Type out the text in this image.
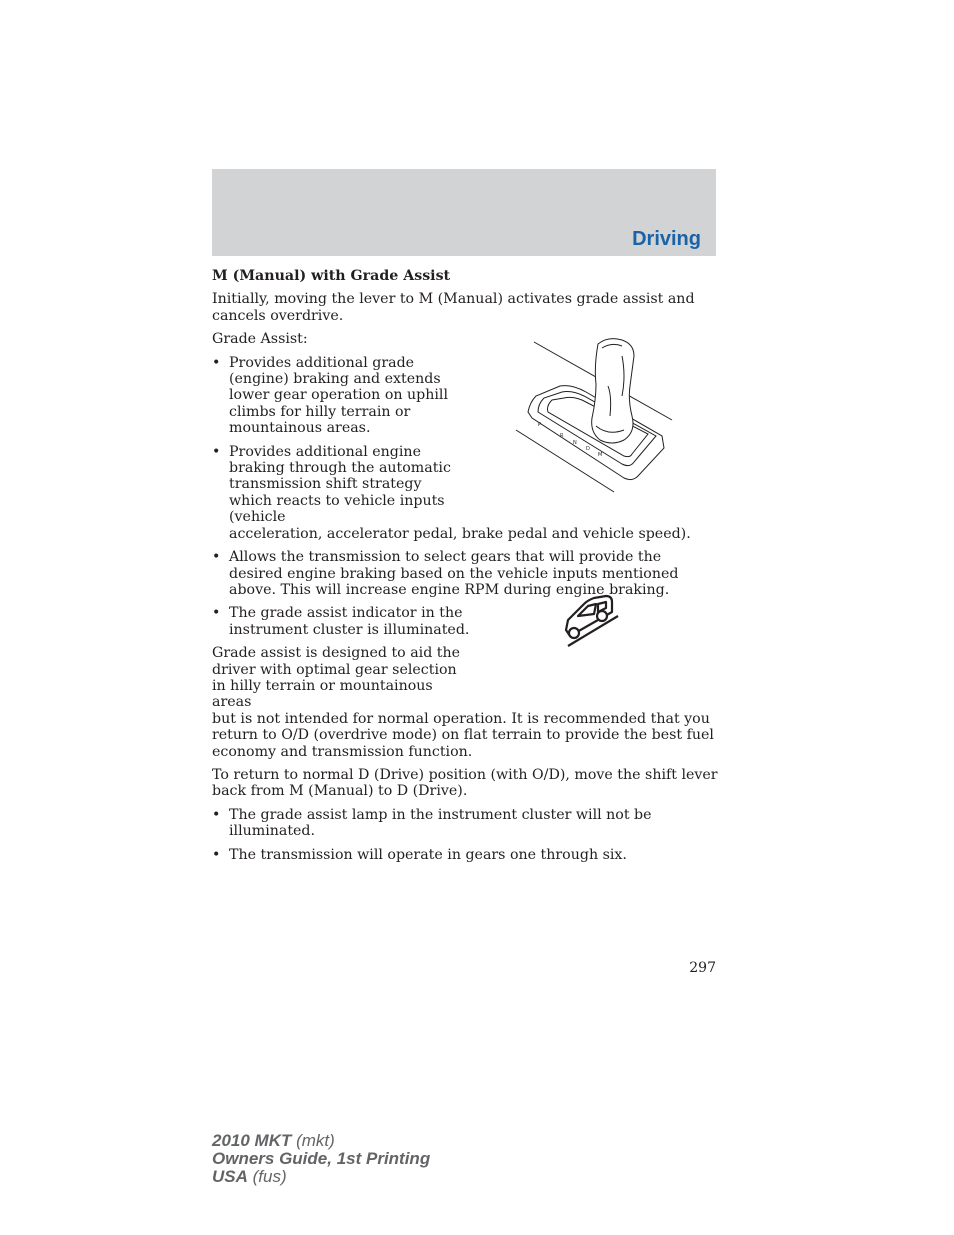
Driving

M (Manual) with Grade Assist

Initially, moving the lever to M (Manual) activates grade assist and cancels overdrive.

Grade Assist:

• Provides additional grade (engine) braking and extends lower gear operation on uphill climbs for hilly terrain or mountainous areas.
• Provides additional engine braking through the automatic transmission shift strategy which reacts to vehicle inputs (vehicle
acceleration, accelerator pedal, brake pedal and vehicle speed).
• Allows the transmission to select gears that will provide the desired engine braking based on the vehicle inputs mentioned above. This will increase engine RPM during engine braking.
• The grade assist indicator in the instrument cluster is illuminated.

Grade assist is designed to aid the driver with optimal gear selection in hilly terrain or mountainous areas
but is not intended for normal operation. It is recommended that you return to O/D (overdrive mode) on flat terrain to provide the best fuel economy and transmission function.

To return to normal D (Drive) position (with O/D), move the shift lever back from M (Manual) to D (Drive).

• The grade assist lamp in the instrument cluster will not be illuminated.
• The transmission will operate in gears one through six.
P
R
N
D
M
297
2010 MKT (mkt)
Owners Guide, 1st Printing
USA (fus)
